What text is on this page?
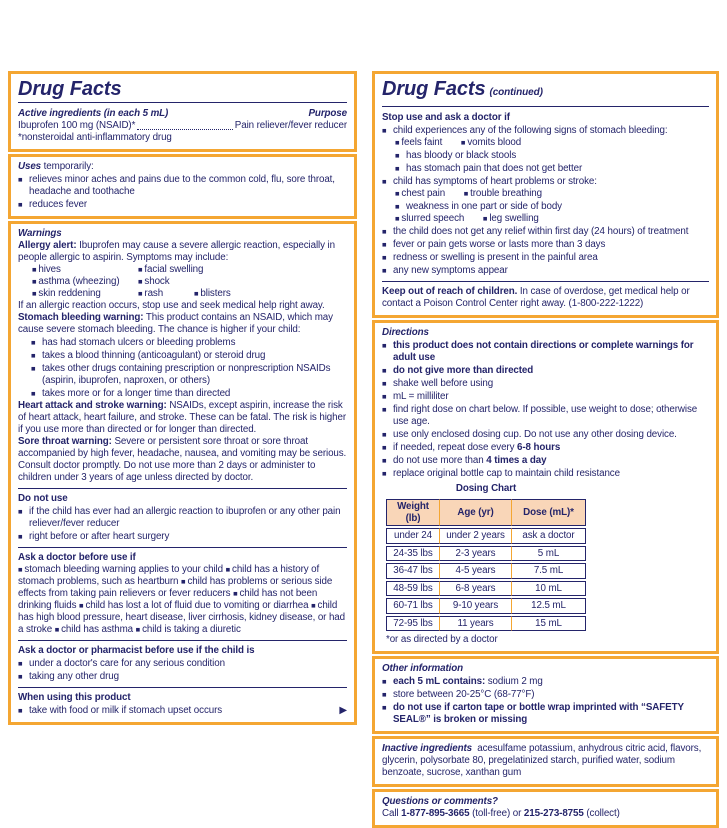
Drug Facts
Active ingredients (in each 5 mL)	Purpose
Ibuprofen 100 mg (NSAID)*	Pain reliever/fever reducer
*nonsteroidal anti-inflammatory drug

Uses temporarily:

■ relieves minor aches and pains due to the common cold, flu, sore throat, headache and toothache
■ reduces fever

Warnings

Allergy alert: Ibuprofen may cause a severe allergic reaction, especially in people allergic to aspirin. Symptoms may include:

■ hives	■ facial swelling
■ asthma (wheezing)	■ shock
■ skin reddening	■ rash	■ blisters

If an allergic reaction occurs, stop use and seek medical help right away.

Stomach bleeding warning: This product contains an NSAID, which may cause severe stomach bleeding. The chance is higher if your child:

■ has had stomach ulcers or bleeding problems
■ takes a blood thinning (anticoagulant) or steroid drug
■ takes other drugs containing prescription or nonprescription NSAIDs (aspirin, ibuprofen, naproxen, or others)
■ takes more or for a longer time than directed

Heart attack and stroke warning: NSAIDs, except aspirin, increase the risk of heart attack, heart failure, and stroke. These can be fatal. The risk is higher if you use more than directed or for longer than directed.

Sore throat warning: Severe or persistent sore throat or sore throat accompanied by high fever, headache, nausea, and vomiting may be serious. Consult doctor promptly. Do not use more than 2 days or administer to children under 3 years of age unless directed by doctor.

Do not use

■ if the child has ever had an allergic reaction to ibuprofen or any other pain reliever/fever reducer
■ right before or after heart surgery

Ask a doctor before use if

■ stomach bleeding warning applies to your child ■ child has a history of stomach problems, such as heartburn ■ child has problems or serious side effects from taking pain relievers or fever reducers ■ child has not been drinking fluids ■ child has lost a lot of fluid due to vomiting or diarrhea ■ child has high blood pressure, heart disease, liver cirrhosis, kidney disease, or had a stroke ■ child has asthma ■ child is taking a diuretic

Ask a doctor or pharmacist before use if the child is

■ under a doctor's care for any serious condition
■ taking any other drug

When using this product

■ ▶
take with food or milk if stomach upset occurs
Drug Facts (continued)

Stop use and ask a doctor if

■ child experiences any of the following signs of stomach bleeding:
■ feels faint	■ vomits blood
■ has bloody or black stools
■ has stomach pain that does not get better
■ child has symptoms of heart problems or stroke:
■ chest pain	■ trouble breathing
■ weakness in one part or side of body
■ slurred speech	■ leg swelling
■ the child does not get any relief within first day (24 hours) of treatment
■ fever or pain gets worse or lasts more than 3 days
■ redness or swelling is present in the painful area
■ any new symptoms appear

Keep out of reach of children. In case of overdose, get medical help or contact a Poison Control Center right away. (1-800-222-1222)

Directions

■ this product does not contain directions or complete warnings for adult use
■ do not give more than directed
■ shake well before using
■ mL = milliliter
■ find right dose on chart below. If possible, use weight to dose; otherwise use age.
■ use only enclosed dosing cup. Do not use any other dosing device.
■ if needed, repeat dose every 6-8 hours
■ do not use more than 4 times a day
■ replace original bottle cap to maintain child resistance
Dosing Chart
Weight (lb)	Age (yr)	Dose (mL)*
under 24	under 2 years	ask a doctor
24-35 lbs	2-3 years	5 mL
36-47 lbs	4-5 years	7.5 mL
48-59 lbs	6-8 years	10 mL
60-71 lbs	9-10 years	12.5 mL
72-95 lbs	11 years	15 mL
*or as directed by a doctor

Other information

■ each 5 mL contains: sodium 2 mg
■ store between 20-25°C (68-77°F)
■ do not use if carton tape or bottle wrap imprinted with “SAFETY SEAL®” is broken or missing

Inactive ingredients acesulfame potassium, anhydrous citric acid, flavors, glycerin, polysorbate 80, pregelatinized starch, purified water, sodium benzoate, sucrose, xanthan gum

Questions or comments?

Call 1-877-895-3665 (toll-free) or 215-273-8755 (collect)
